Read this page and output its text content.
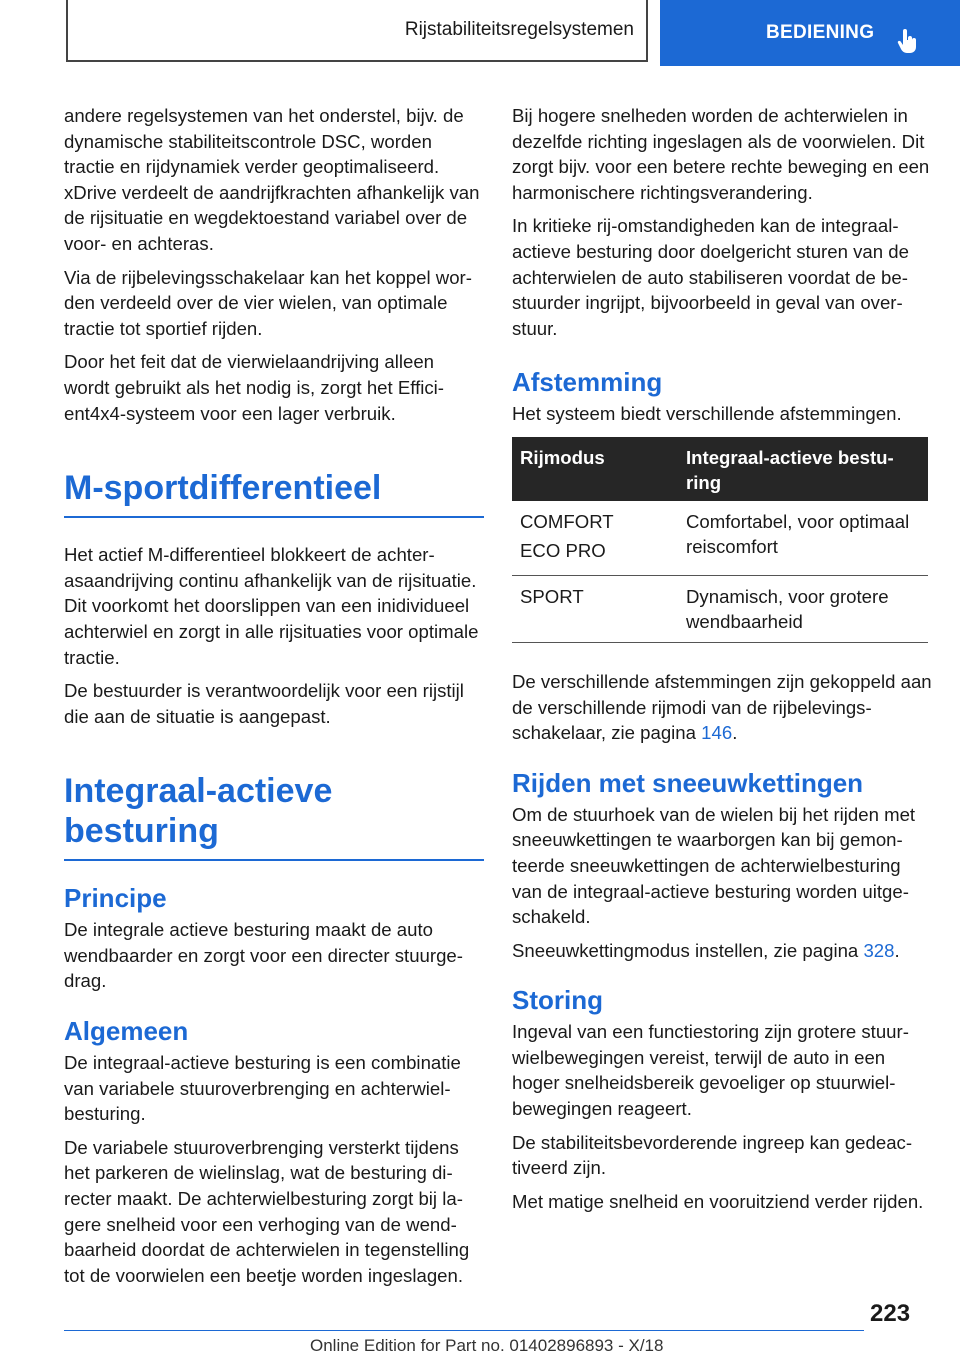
Rijstabiliteitsregelsystemen	BEDIENING

andere regelsystemen van het onderstel, bijv. de dynamische stabiliteitscontrole DSC, worden tractie en rijdynamiek verder geoptimaliseerd. xDrive verdeelt de aandrijfkrachten afhankelijk van de rijsituatie en wegdektoestand variabel over de voor- en achteras.

Via de rijbelevingsschakelaar kan het koppel worden verdeeld over de vier wielen, van optimale tractie tot sportief rijden.

Door het feit dat de vierwielaandrijving alleen wordt gebruikt als het nodig is, zorgt het Efficient4x4-systeem voor een lager verbruik.

M-sportdifferentieel

Het actief M-differentieel blokkeert de achterasaandrijving continu afhankelijk van de rijsituatie. Dit voorkomt het doorslippen van een inidividueel achterwiel en zorgt in alle rijsituaties voor optimale tractie.

De bestuurder is verantwoordelijk voor een rijstijl die aan de situatie is aangepast.

Integraal-actieve besturing
Principe

De integrale actieve besturing maakt de auto wendbaarder en zorgt voor een directer stuurgedrag.

Algemeen

De integraal-actieve besturing is een combinatie van variabele stuuroverbrenging en achterwielbesturing.

De variabele stuuroverbrenging versterkt tijdens het parkeren de wielinslag, wat de besturing directer maakt. De achterwielbesturing zorgt bij lagere snelheid voor een verhoging van de wendbaarheid doordat de achterwielen in tegenstelling tot de voorwielen een beetje worden ingeslagen.

Bij hogere snelheden worden de achterwielen in dezelfde richting ingeslagen als de voorwielen. Dit zorgt bijv. voor een betere rechte beweging en een harmonischere richtingsverandering.

In kritieke rij-omstandigheden kan de integraal-actieve besturing door doelgericht sturen van de achterwielen de auto stabiliseren voordat de bestuurder ingrijpt, bijvoorbeeld in geval van overstuur.

Afstemming

Het systeem biedt verschillende afstemmingen.

Rijmodus	Integraal-actieve besturing

COMFORT
ECO PRO	Comfortabel, voor optimaal reiscomfort
SPORT	Dynamisch, voor grotere wendbaarheid

De verschillende afstemmingen zijn gekoppeld aan de verschillende rijmodi van de rijbelevingsschakelaar, zie pagina 146.

Rijden met sneeuwkettingen

Om de stuurhoek van de wielen bij het rijden met sneeuwkettingen te waarborgen kan bij gemonteerde sneeuwkettingen de achterwielbesturing van de integraal-actieve besturing worden uitgeschakeld.

Sneeuwkettingmodus instellen, zie pagina 328.

Storing

Ingeval van een functiestoring zijn grotere stuurwielbewegingen vereist, terwijl de auto in een hoger snelheidsbereik gevoeliger op stuurwielbewegingen reageert.

De stabiliteitsbevorderende ingreep kan gedeactiveerd zijn.

Met matige snelheid en vooruitziend verder rijden.

223
Online Edition for Part no. 01402896893 - X/18
